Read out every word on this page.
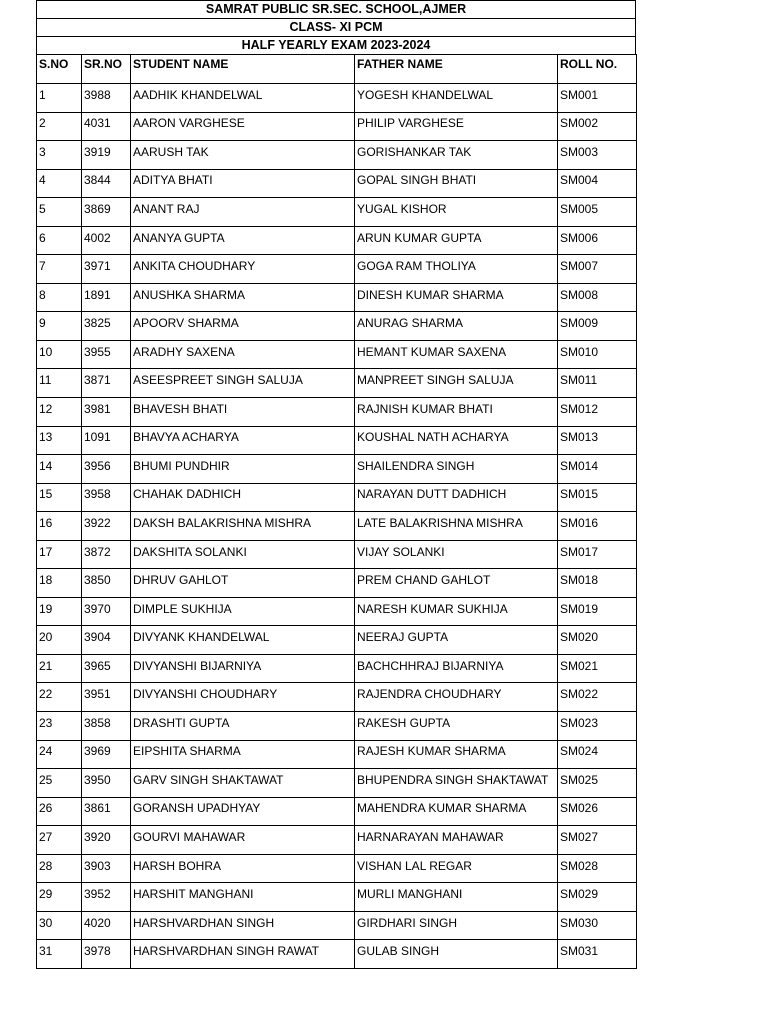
SAMRAT PUBLIC SR.SEC. SCHOOL,AJMER
CLASS- XI PCM
HALF YEARLY EXAM 2023-2024
S.NO	SR.NO	STUDENT NAME	FATHER NAME	ROLL NO.
1	3988	AADHIK KHANDELWAL	YOGESH KHANDELWAL	SM001
2	4031	AARON VARGHESE	PHILIP VARGHESE	SM002
3	3919	AARUSH TAK	GORISHANKAR TAK	SM003
4	3844	ADITYA BHATI	GOPAL SINGH BHATI	SM004
5	3869	ANANT RAJ	YUGAL KISHOR	SM005
6	4002	ANANYA GUPTA	ARUN KUMAR GUPTA	SM006
7	3971	ANKITA CHOUDHARY	GOGA RAM THOLIYA	SM007
8	1891	ANUSHKA SHARMA	DINESH KUMAR SHARMA	SM008
9	3825	APOORV SHARMA	ANURAG SHARMA	SM009
10	3955	ARADHY SAXENA	HEMANT KUMAR SAXENA	SM010
11	3871	ASEESPREET SINGH SALUJA	MANPREET SINGH SALUJA	SM011
12	3981	BHAVESH BHATI	RAJNISH KUMAR BHATI	SM012
13	1091	BHAVYA ACHARYA	KOUSHAL NATH ACHARYA	SM013
14	3956	BHUMI PUNDHIR	SHAILENDRA SINGH	SM014
15	3958	CHAHAK DADHICH	NARAYAN DUTT DADHICH	SM015
16	3922	DAKSH BALAKRISHNA MISHRA	LATE BALAKRISHNA MISHRA	SM016
17	3872	DAKSHITA SOLANKI	VIJAY SOLANKI	SM017
18	3850	DHRUV GAHLOT	PREM CHAND GAHLOT	SM018
19	3970	DIMPLE SUKHIJA	NARESH KUMAR SUKHIJA	SM019
20	3904	DIVYANK KHANDELWAL	NEERAJ GUPTA	SM020
21	3965	DIVYANSHI BIJARNIYA	BACHCHHRAJ BIJARNIYA	SM021
22	3951	DIVYANSHI CHOUDHARY	RAJENDRA CHOUDHARY	SM022
23	3858	DRASHTI GUPTA	RAKESH GUPTA	SM023
24	3969	EIPSHITA SHARMA	RAJESH KUMAR SHARMA	SM024
25	3950	GARV SINGH SHAKTAWAT	BHUPENDRA SINGH SHAKTAWAT	SM025
26	3861	GORANSH UPADHYAY	MAHENDRA KUMAR SHARMA	SM026
27	3920	GOURVI MAHAWAR	HARNARAYAN MAHAWAR	SM027
28	3903	HARSH BOHRA	VISHAN LAL REGAR	SM028
29	3952	HARSHIT MANGHANI	MURLI MANGHANI	SM029
30	4020	HARSHVARDHAN SINGH	GIRDHARI SINGH	SM030
31	3978	HARSHVARDHAN SINGH RAWAT	GULAB SINGH	SM031
